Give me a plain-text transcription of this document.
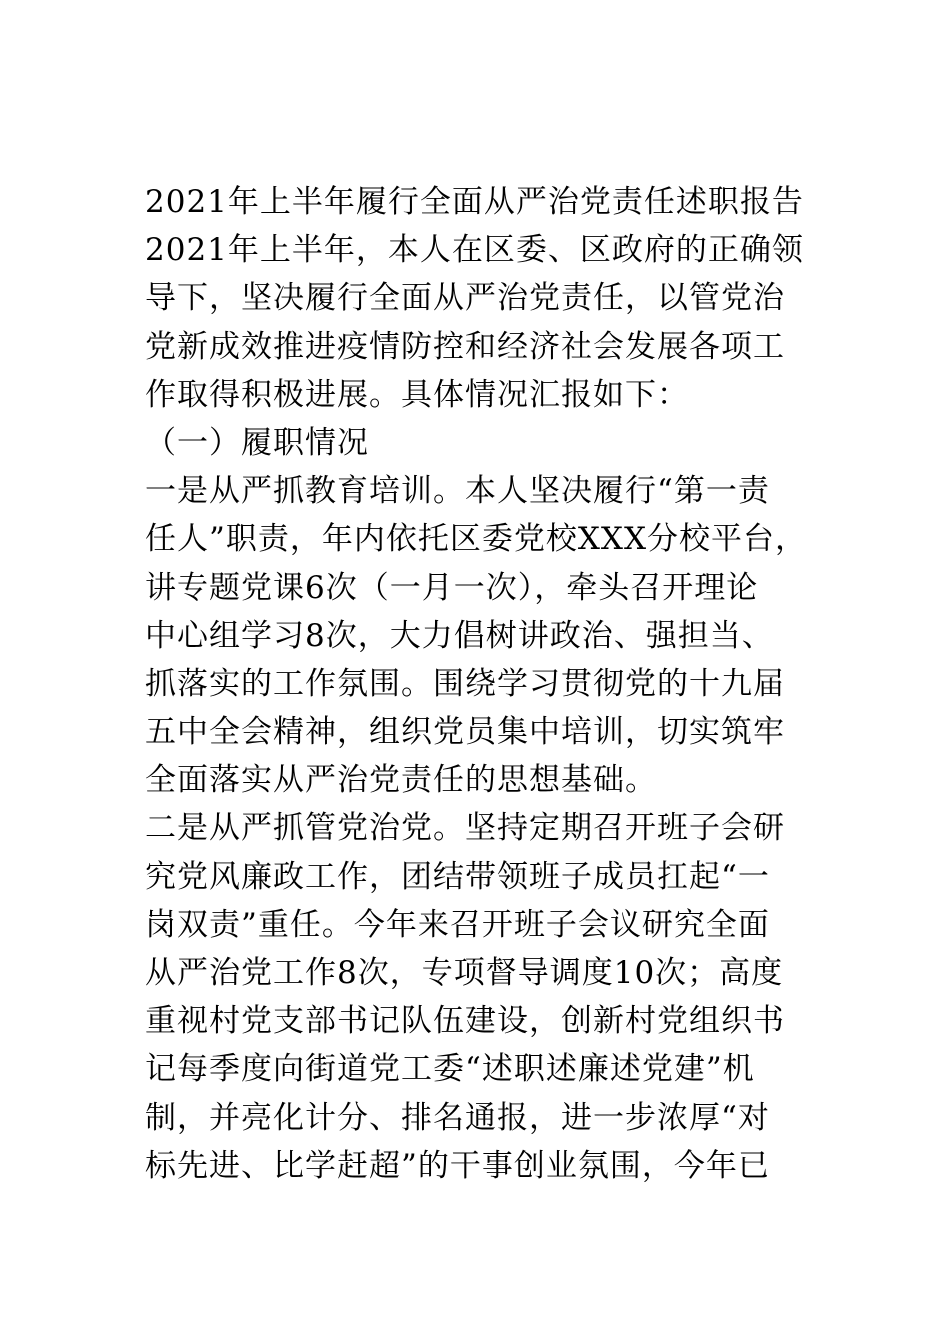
2021年上半年履行全面从严治党责任述职报告
2021年上半年，本人在区委、区政府的正确领
导下，坚决履行全面从严治党责任，以管党治
党新成效推进疫情防控和经济社会发展各项工
作取得积极进展。具体情况汇报如下：
（一）履职情况
一是从严抓教育培训。本人坚决履行“第一责
任人”职责，年内依托区委党校XXX分校平台，
讲专题党课6次（一月一次），牵头召开理论
中心组学习8次，大力倡树讲政治、强担当、
抓落实的工作氛围。围绕学习贯彻党的十九届
五中全会精神，组织党员集中培训，切实筑牢
全面落实从严治党责任的思想基础。
二是从严抓管党治党。坚持定期召开班子会研
究党风廉政工作，团结带领班子成员扛起“一
岗双责”重任。今年来召开班子会议研究全面
从严治党工作8次，专项督导调度10次；高度
重视村党支部书记队伍建设，创新村党组织书
记每季度向街道党工委“述职述廉述党建”机
制，并亮化计分、排名通报，进一步浓厚“对
标先进、比学赶超”的干事创业氛围，今年已
